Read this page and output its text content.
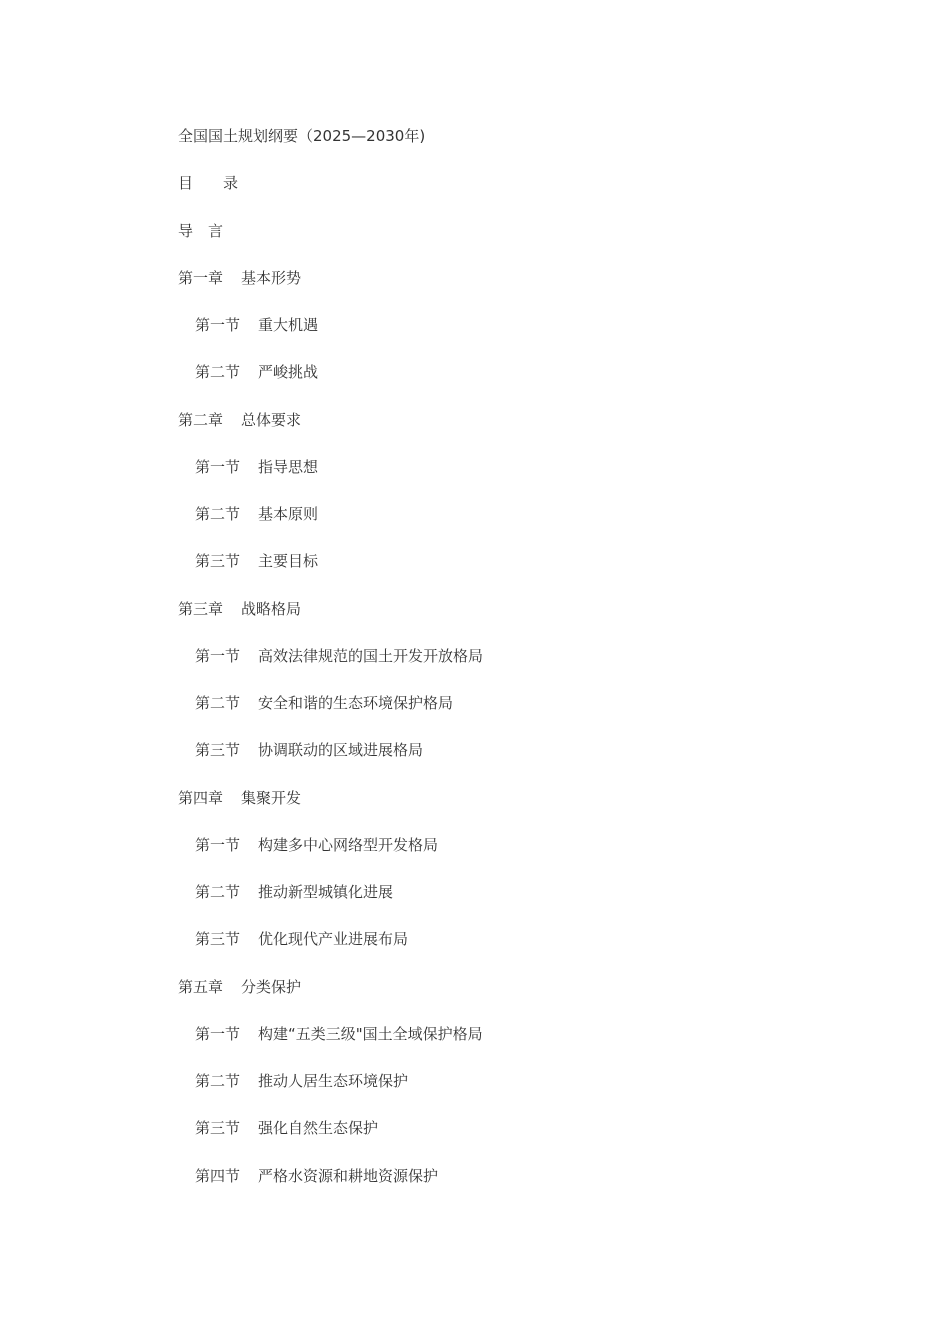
全国国土规划纲要（2025—2030年)
目　　录
导　言
第一章 基本形势
第一节 重大机遇
第二节 严峻挑战
第二章 总体要求
第一节 指导思想
第二节 基本原则
第三节 主要目标
第三章 战略格局
第一节 高效法律规范的国土开发开放格局
第二节 安全和谐的生态环境保护格局
第三节 协调联动的区域进展格局
第四章 集聚开发
第一节 构建多中心网络型开发格局
第二节 推动新型城镇化进展
第三节 优化现代产业进展布局
第五章 分类保护
第一节 构建“五类三级"国土全域保护格局
第二节 推动人居生态环境保护
第三节 强化自然生态保护
第四节 严格水资源和耕地资源保护
